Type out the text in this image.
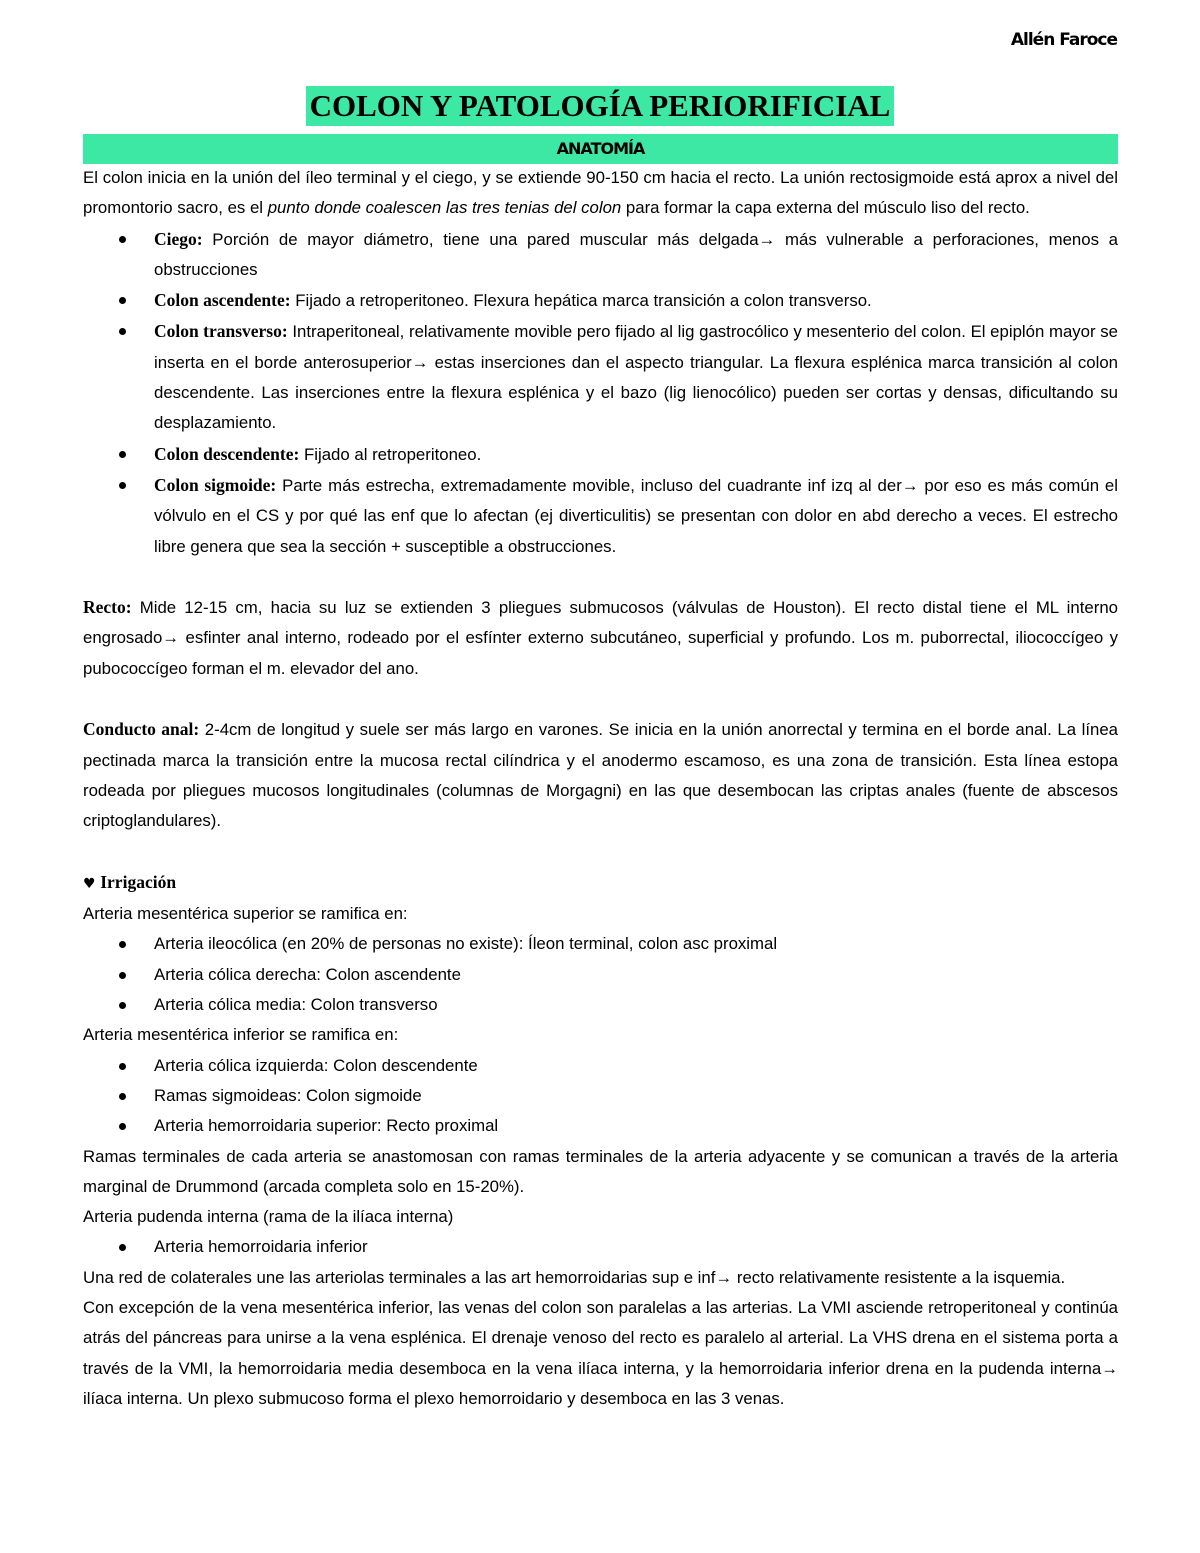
Allén Faroce
COLON Y PATOLOGÍA PERIORIFICIAL
ANATOMÍA

El colon inicia en la unión del íleo terminal y el ciego, y se extiende 90-150 cm hacia el recto. La unión rectosigmoide está aprox a nivel del promontorio sacro, es el punto donde coalescen las tres tenias del colon para formar la capa externa del músculo liso del recto.

Ciego: Porción de mayor diámetro, tiene una pared muscular más delgada→ más vulnerable a perforaciones, menos a obstrucciones
Colon ascendente: Fijado a retroperitoneo. Flexura hepática marca transición a colon transverso.
Colon transverso: Intraperitoneal, relativamente movible pero fijado al lig gastrocólico y mesenterio del colon. El epiplón mayor se inserta en el borde anterosuperior→ estas inserciones dan el aspecto triangular. La flexura esplénica marca transición al colon descendente. Las inserciones entre la flexura esplénica y el bazo (lig lienocólico) pueden ser cortas y densas, dificultando su desplazamiento.
Colon descendente: Fijado al retroperitoneo.
Colon sigmoide: Parte más estrecha, extremadamente movible, incluso del cuadrante inf izq al der→ por eso es más común el vólvulo en el CS y por qué las enf que lo afectan (ej diverticulitis) se presentan con dolor en abd derecho a veces. El estrecho libre genera que sea la sección + susceptible a obstrucciones.

Recto: Mide 12-15 cm, hacia su luz se extienden 3 pliegues submucosos (válvulas de Houston). El recto distal tiene el ML interno engrosado→ esfinter anal interno, rodeado por el esfínter externo subcutáneo, superficial y profundo. Los m. puborrectal, iliococcígeo y pubococcígeo forman el m. elevador del ano.

Conducto anal: 2-4cm de longitud y suele ser más largo en varones. Se inicia en la unión anorrectal y termina en el borde anal. La línea pectinada marca la transición entre la mucosa rectal cilíndrica y el anodermo escamoso, es una zona de transición. Esta línea estopa rodeada por pliegues mucosos longitudinales (columnas de Morgagni) en las que desembocan las criptas anales (fuente de abscesos criptoglandulares).

♥ Irrigación

Arteria mesentérica superior se ramifica en:

Arteria ileocólica (en 20% de personas no existe): Íleon terminal, colon asc proximal
Arteria cólica derecha: Colon ascendente
Arteria cólica media: Colon transverso

Arteria mesentérica inferior se ramifica en:

Arteria cólica izquierda: Colon descendente
Ramas sigmoideas: Colon sigmoide
Arteria hemorroidaria superior: Recto proximal

Ramas terminales de cada arteria se anastomosan con ramas terminales de la arteria adyacente y se comunican a través de la arteria marginal de Drummond (arcada completa solo en 15-20%).

Arteria pudenda interna (rama de la ilíaca interna)

Arteria hemorroidaria inferior

Una red de colaterales une las arteriolas terminales a las art hemorroidarias sup e inf→ recto relativamente resistente a la isquemia.

Con excepción de la vena mesentérica inferior, las venas del colon son paralelas a las arterias. La VMI asciende retroperitoneal y continúa atrás del páncreas para unirse a la vena esplénica. El drenaje venoso del recto es paralelo al arterial. La VHS drena en el sistema porta a través de la VMI, la hemorroidaria media desemboca en la vena ilíaca interna, y la hemorroidaria inferior drena en la pudenda interna→ ilíaca interna. Un plexo submucoso forma el plexo hemorroidario y desemboca en las 3 venas.
